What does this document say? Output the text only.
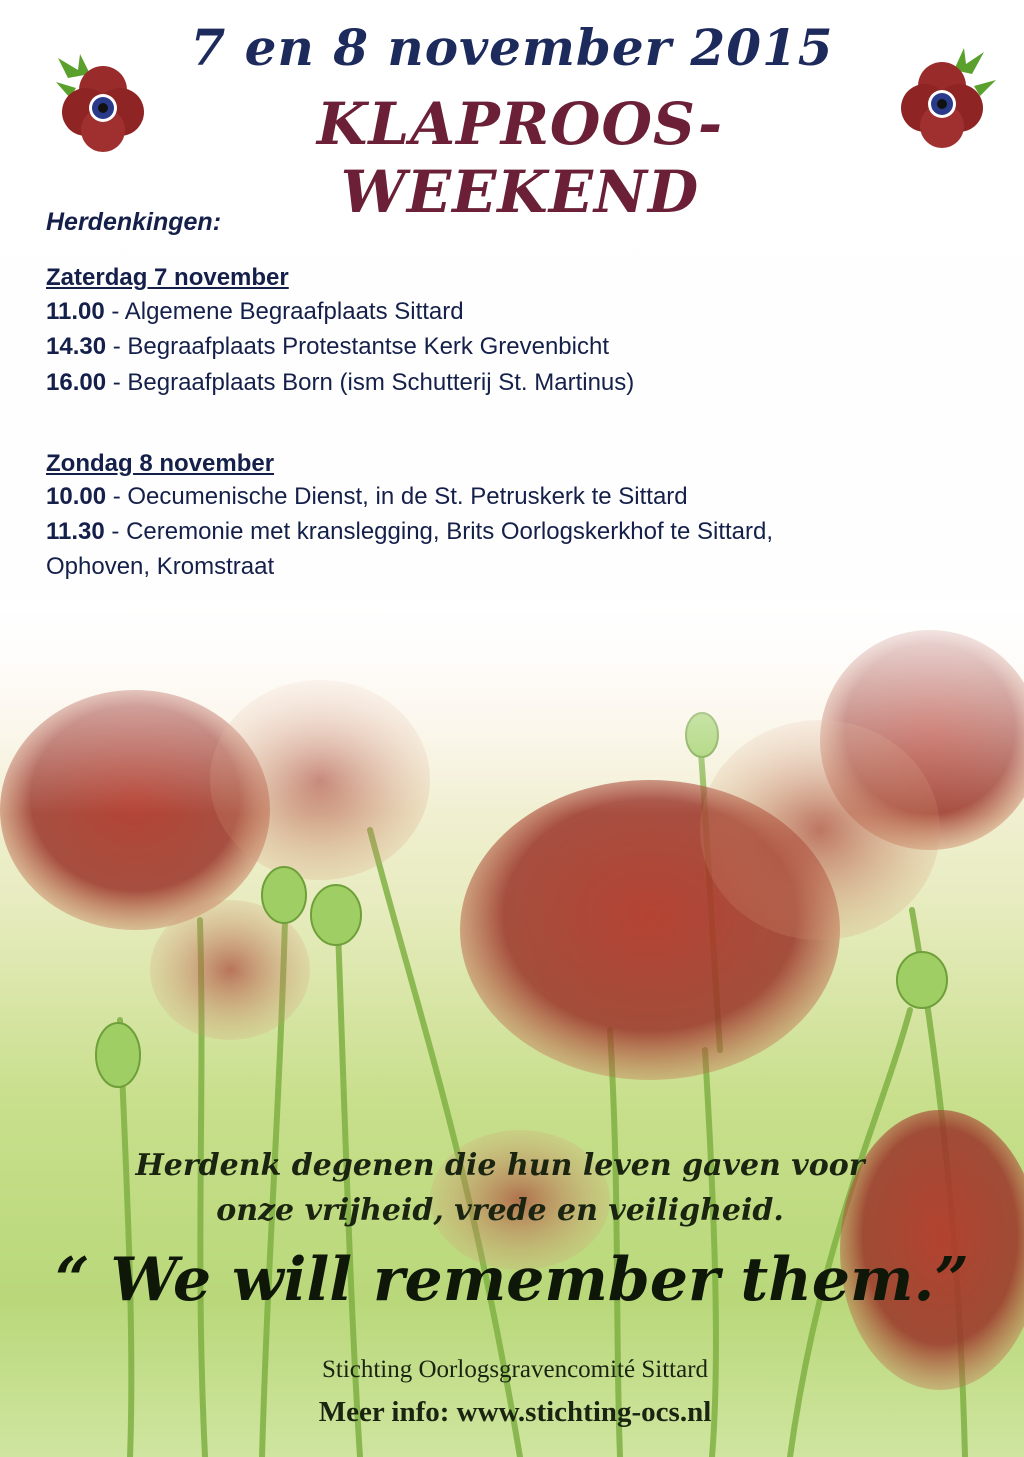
7 en 8 november 2015
KLAPROOS-WEEKEND
Herdenkingen:
Zaterdag 7 november
11.00 - Algemene Begraafplaats Sittard
14.30 - Begraafplaats Protestantse Kerk Grevenbicht
16.00 - Begraafplaats Born (ism Schutterij St. Martinus)
Zondag 8 november
10.00 - Oecumenische Dienst, in de St. Petruskerk te Sittard
11.30 - Ceremonie met kranslegging, Brits Oorlogskerkhof te Sittard,
Ophoven, Kromstraat
Herdenk degenen die hun leven gaven voor
onze vrijheid, vrede en veiligheid.
“ We will remember them.”
Stichting Oorlogsgravencomité Sittard
Meer info: www.stichting-ocs.nl
